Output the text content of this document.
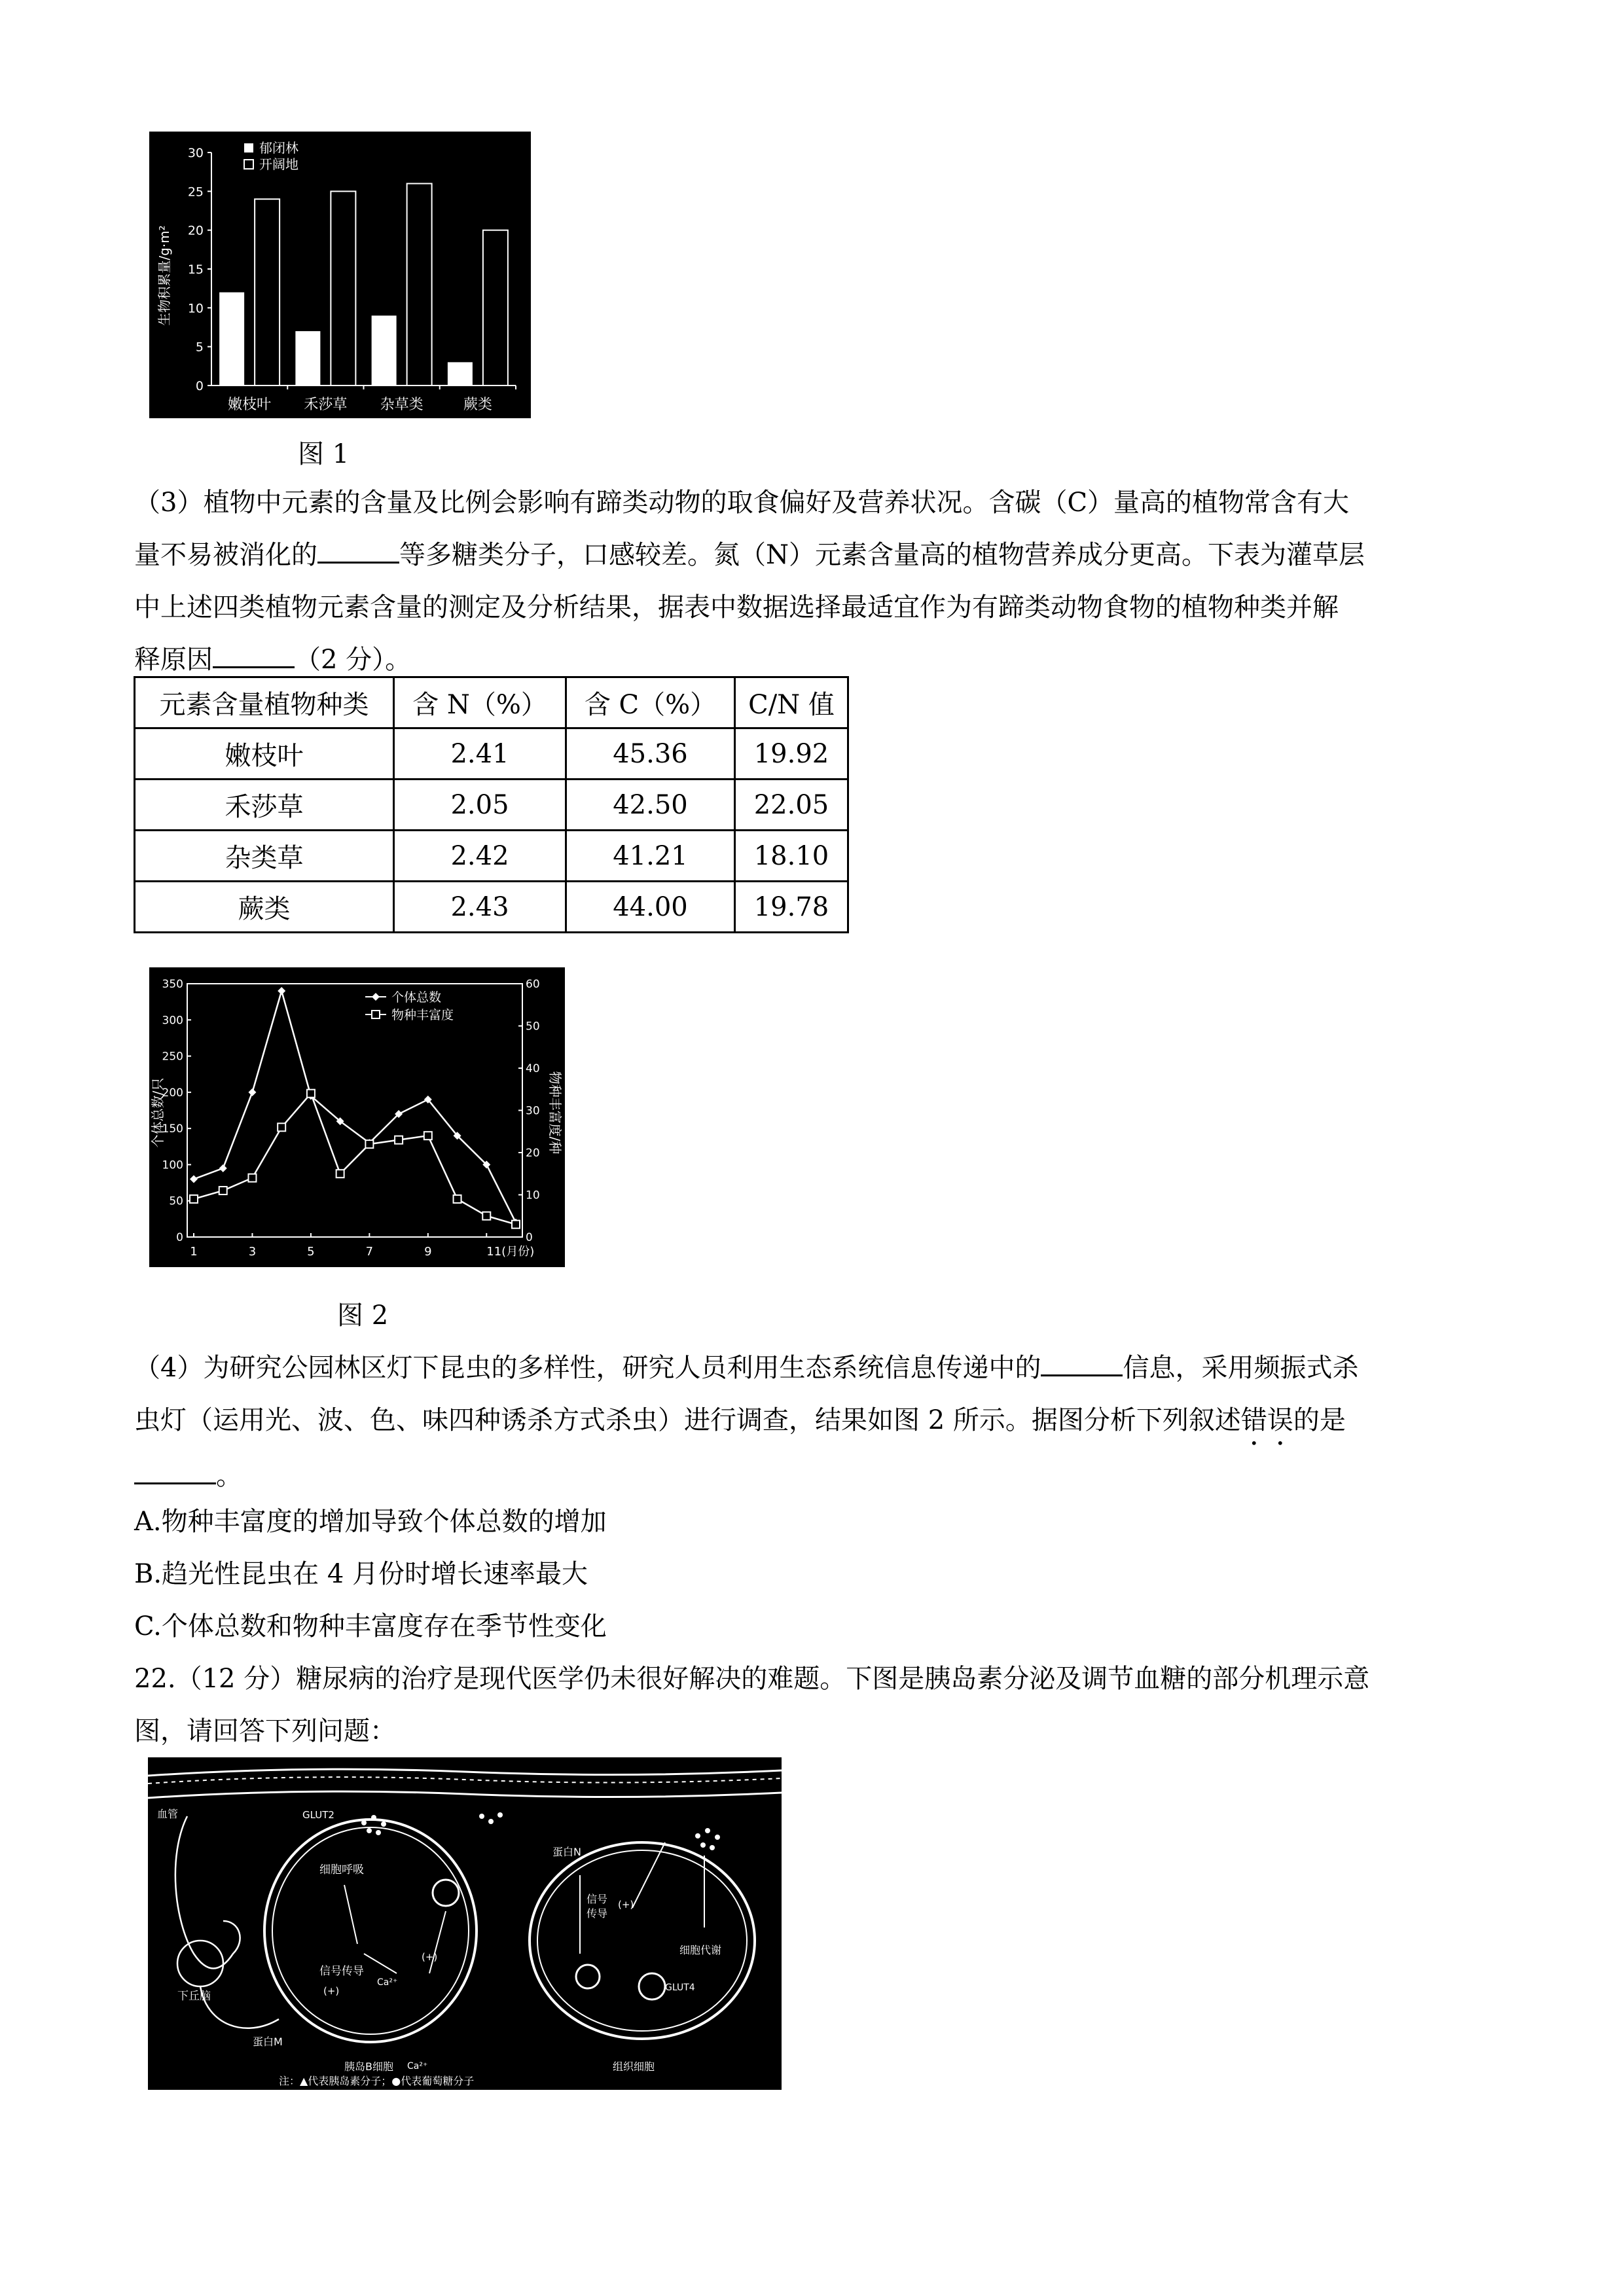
生物积累量/g·m²
0
5
10
15
20
25
30
嫩枝叶 禾莎草 杂草类	蕨类
郁闭林
开阔地
图 1

（3）植物中元素的含量及比例会影响有蹄类动物的取食偏好及营养状况。含碳（C）量高的植物常含有大

量不易被消化的	等多糖类分子，口感较差。氮（N）元素含量高的植物营养成分更高。下表为灌草层

中上述四类植物元素含量的测定及分析结果，据表中数据选择最适宜作为有蹄类动物食物的植物种类并解

释原因	（2 分）。

元素含量植物种类	含 N（%）	含 C（%）	C/N 值
嫩枝叶	2.41	45.36	19.92
禾莎草	2.05	42.50	22.05
杂类草	2.42	41.21	18.10
蕨类	2.43	44.00	19.78
个体总数/只	物种丰富度/种
0
50
100
150
200
250
300
350
0
10
20
30
40
50
60
1	3	5	7	9	11(月份)
个体总数
物种丰富度
图 2

（4）为研究公园林区灯下昆虫的多样性，研究人员利用生态系统信息传递中的	信息，采用频振式杀

虫灯（运用光、波、色、味四种诱杀方式杀虫）进行调查，结果如图 2 所示。据图分析下列叙述错误的是

。

A.物种丰富度的增加导致个体总数的增加

B.趋光性昆虫在 4 月份时增长速率最大

C.个体总数和物种丰富度存在季节性变化

22.（12 分）糖尿病的治疗是现代医学仍未很好解决的难题。下图是胰岛素分泌及调节血糖的部分机理示意

图，请回答下列问题：

血管
下丘脑
蛋白M
GLUT2
细胞呼吸
信号传导
(+)
(+)
Ca²⁺
Ca²⁺
胰岛B细胞
蛋白N
信号
传导
(+)
细胞代谢
GLUT4
组织细胞
注：▲代表胰岛素分子；●代表葡萄糖分子
